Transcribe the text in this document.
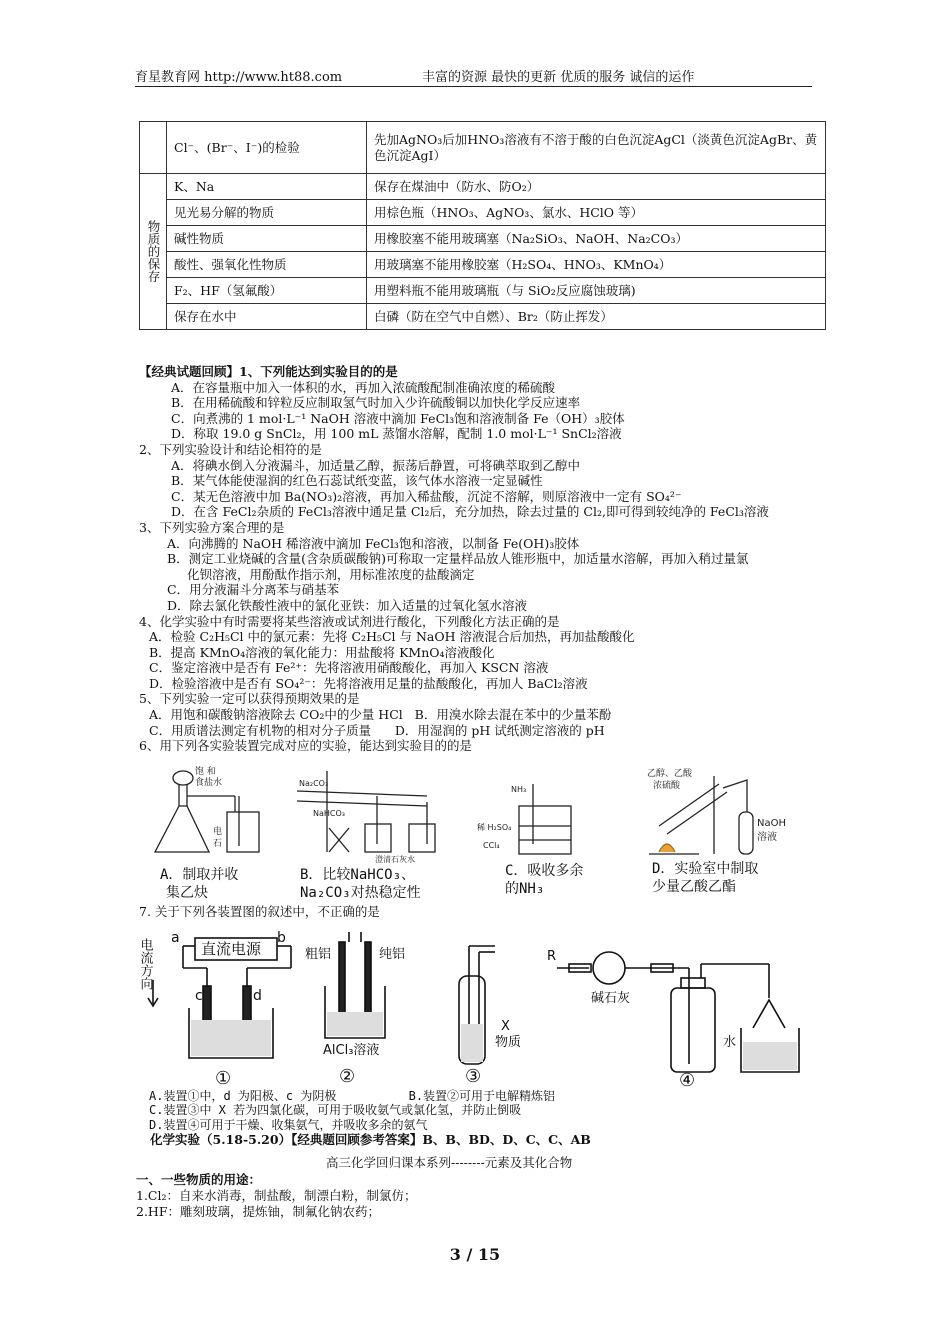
育星教育网 http://www.ht88.com	丰富的资源 最快的更新 优质的服务 诚信的运作
	Cl⁻、(Br⁻、I⁻)的检验	先加AgNO₃后加HNO₃溶液有不溶于酸的白色沉淀AgCl（淡黄色沉淀AgBr、黄色沉淀AgI）
物质的保存	K、Na	保存在煤油中（防水、防O₂）
	见光易分解的物质	用棕色瓶（HNO₃、AgNO₃、氯水、HClO 等）
	碱性物质	用橡胶塞不能用玻璃塞（Na₂SiO₃、NaOH、Na₂CO₃）
	酸性、强氧化性物质	用玻璃塞不能用橡胶塞（H₂SO₄、HNO₃、KMnO₄）
	F₂、HF（氢氟酸）	用塑料瓶不能用玻璃瓶（与 SiO₂反应腐蚀玻璃)
	保存在水中	白磷（防在空气中自燃）、Br₂（防止挥发）
【经典试题回顾】1、下列能达到实验目的的是
A．在容量瓶中加入一体积的水，再加入浓硫酸配制准确浓度的稀硫酸
B．在用稀硫酸和锌粒反应制取氢气时加入少许硫酸铜以加快化学反应速率
C．向煮沸的 1 mol·L⁻¹ NaOH 溶液中滴加 FeCl₃饱和溶液制备 Fe（OH）₃胶体
D．称取 19.0 g SnCl₂，用 100 mL 蒸馏水溶解，配制 1.0 mol·L⁻¹ SnCl₂溶液
2、下列实验设计和结论相符的是
A．将碘水倒入分液漏斗，加适量乙醇，振荡后静置，可将碘萃取到乙醇中
B．某气体能使湿润的红色石蕊试纸变蓝，该气体水溶液一定显碱性
C．某无色溶液中加 Ba(NO₃)₂溶液，再加入稀盐酸，沉淀不溶解，则原溶液中一定有 SO₄²⁻
D．在含 FeCl₂杂质的 FeCl₃溶液中通足量 Cl₂后，充分加热，除去过量的 Cl₂,即可得到较纯净的 FeCl₃溶液
3、下列实验方案合理的是
A．向沸腾的 NaOH 稀溶液中滴加 FeCl₃饱和溶液，以制备 Fe(OH)₃胶体
B．测定工业烧碱的含量(含杂质碳酸钠)可称取一定量样品放人锥形瓶中，加适量水溶解，再加入稍过量氯
化钡溶液，用酚酞作指示剂，用标准浓度的盐酸滴定
C．用分液漏斗分离苯与硝基苯
D．除去氯化铁酸性液中的氯化亚铁：加入适量的过氧化氢水溶液
4、化学实验中有时需要将某些溶液或试剂进行酸化，下列酸化方法正确的是
A．检验 C₂H₅Cl 中的氯元素：先将 C₂H₅Cl 与 NaOH 溶液混合后加热，再加盐酸酸化
B．提高 KMnO₄溶液的氧化能力：用盐酸将 KMnO₄溶液酸化
C．鉴定溶液中是否有 Fe²⁺：先将溶液用硝酸酸化，再加入 KSCN 溶液
D．检验溶液中是否有 SO₄²⁻：先将溶液用足量的盐酸酸化，再加人 BaCl₂溶液
5、下列实验一定可以获得预期效果的是
A．用饱和碳酸钠溶液除去 CO₂中的少量 HCl   B．用溴水除去混在苯中的少量苯酚
C．用质谱法测定有机物的相对分子质量      D．用湿润的 pH 试纸测定溶液的 pH
6、用下列各实验装置完成对应的实验，能达到实验目的的是
饱 和
食盐水
电
石
Na₂CO₃
NaHCO₃
澄清石灰水
NH₃
稀 H₂SO₄
CCl₄
乙醇、乙酸
浓硫酸
NaOH
溶液
A．制取并收
集乙炔
B．比较NaHCO₃、
Na₂CO₃对热稳定性
C．吸收多余
的NH₃
D．实验室中制取
少量乙酸乙酯
7. 关于下列各装置图的叙述中，不正确的是
电流方向 a
直流电源
b
c	d
粗铝	纯铝
AlCl₃溶液
X
物质
R
碱石灰
水
①	②	③	④
A.装置①中，d 为阳极、c 为阴极          B.装置②可用于电解精炼铝
C.装置③中 X 若为四氯化碳，可用于吸收氨气或氯化氢，并防止倒吸
D.装置④可用于干燥、收集氨气，并吸收多余的氨气
化学实验（5.18-5.20）【经典题回顾参考答案】B、B、BD、D、C、C、AB
高三化学回归课本系列--------元素及其化合物
一、一些物质的用途：
1.Cl₂：自来水消毒，制盐酸，制漂白粉，制氯仿；
2.HF：雕刻玻璃，提炼铀，制氟化钠农药；
3 / 15
